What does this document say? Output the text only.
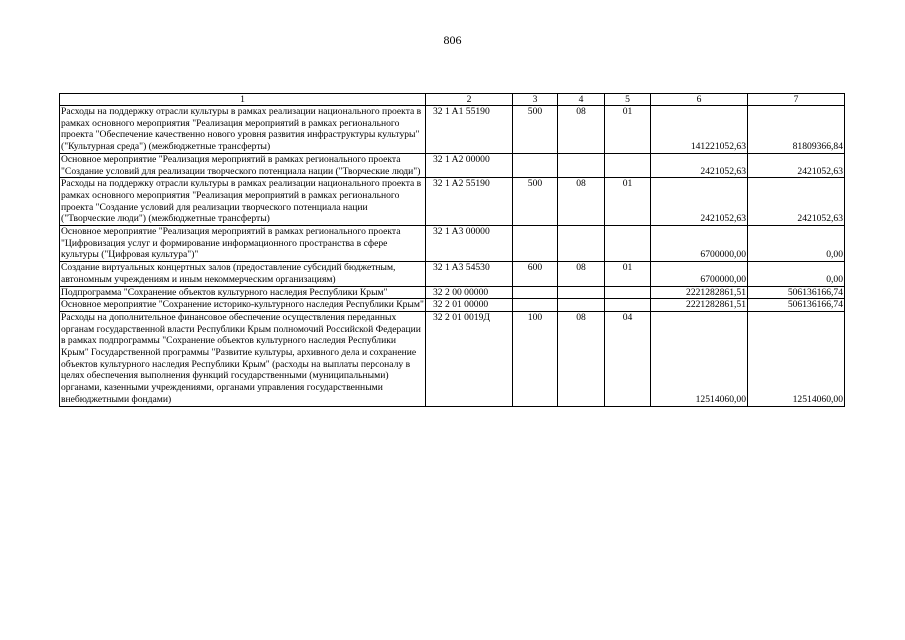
806
1	2	3	4	5	6	7
Расходы на поддержку отрасли культуры в рамках реализации национального проекта в рамках основного мероприятия "Реализация мероприятий в рамках регионального проекта "Обеспечение качественно нового уровня развития инфраструктуры культуры" ("Культурная среда") (межбюджетные трансферты)	32 1 A1 55190	500	08	01	141221052,63	81809366,84
Основное мероприятие "Реализация мероприятий в рамках регионального проекта "Создание условий для реализации творческого потенциала нации ("Творческие люди")	32 1 A2 00000				2421052,63	2421052,63
Расходы на поддержку отрасли культуры в рамках реализации национального проекта в рамках основного мероприятия "Реализация мероприятий в рамках регионального проекта "Создание условий для реализации творческого потенциала нации ("Творческие люди") (межбюджетные трансферты)	32 1 A2 55190	500	08	01	2421052,63	2421052,63
Основное мероприятие "Реализация мероприятий в рамках регионального проекта "Цифровизация услуг и формирование информационного пространства в сфере культуры ("Цифровая культура")"	32 1 A3 00000				6700000,00	0,00
Создание виртуальных концертных залов (предоставление субсидий бюджетным, автономным учреждениям и иным некоммерческим организациям)	32 1 A3 54530	600	08	01	6700000,00	0,00
Подпрограмма "Сохранение объектов культурного наследия Республики Крым"	32 2 00 00000				2221282861,51	506136166,74
Основное мероприятие "Сохранение историко-культурного наследия Республики Крым"	32 2 01 00000				2221282861,51	506136166,74
Расходы на дополнительное финансовое обеспечение осуществления переданных органам государственной власти Республики Крым полномочий Российской Федерации в рамках подпрограммы "Сохранение объектов культурного наследия Республики Крым" Государственной программы "Развитие культуры, архивного дела и сохранение объектов культурного наследия Республики Крым" (расходы на выплаты персоналу в целях обеспечения выполнения функций государственными (муниципальными) органами, казенными учреждениями, органами управления государственными внебюджетными фондами)	32 2 01 0019Д	100	08	04	12514060,00	12514060,00
